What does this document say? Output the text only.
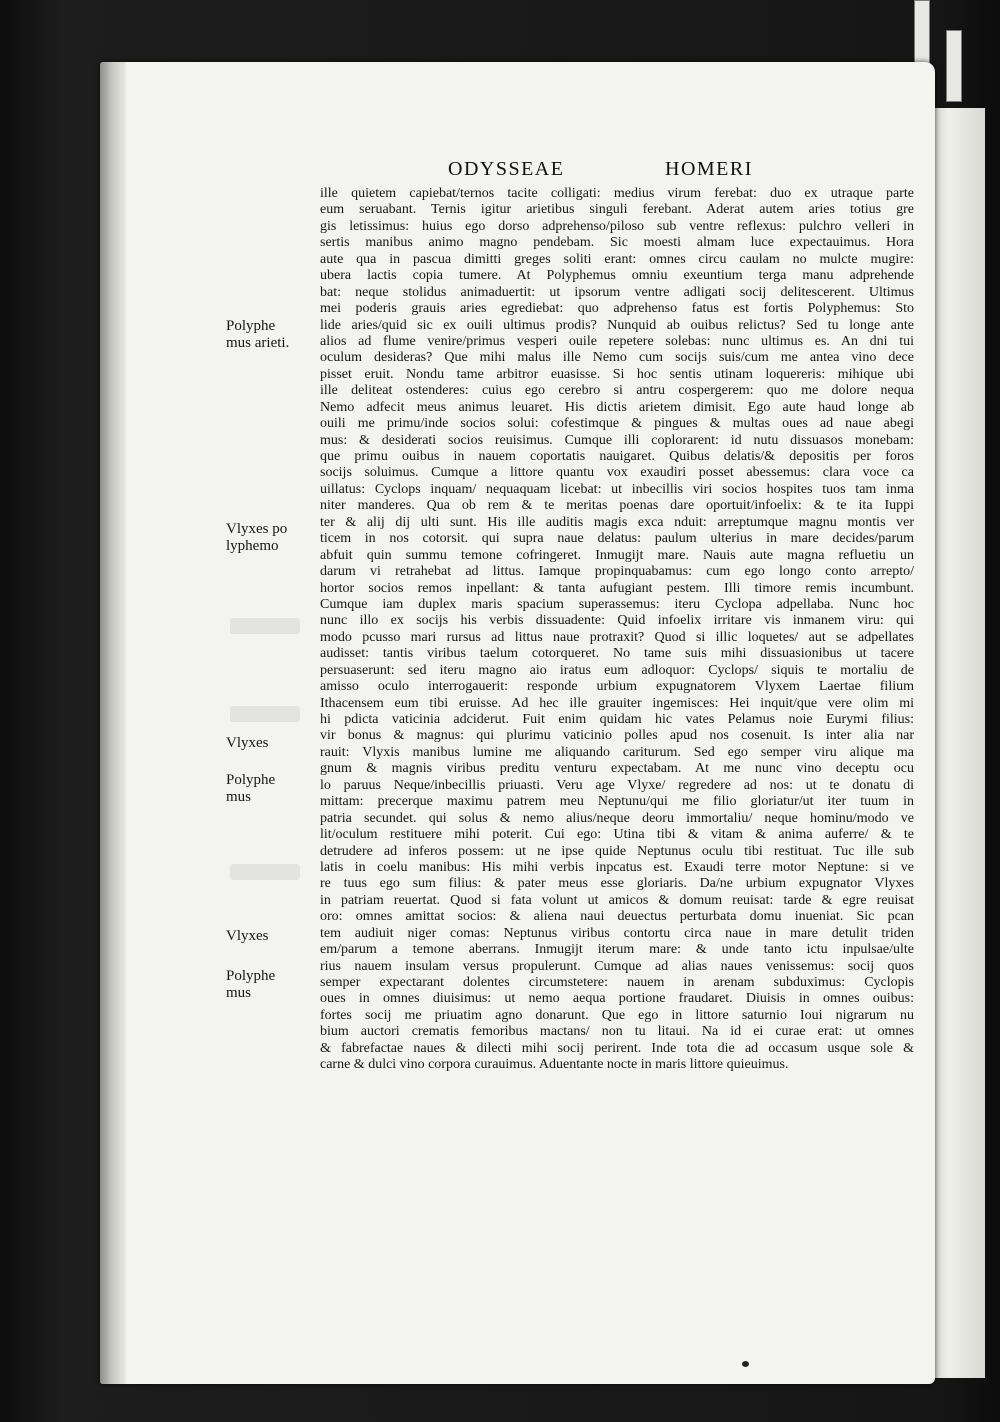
ODYSSEAE	HOMERI
ille quietem capiebat/ternos tacite colligati: medius virum ferebat: duo ex utraque parte
eum seruabant. Ternis igitur arietibus singuli ferebant. Aderat autem aries totius gre
gis letissimus: huius ego dorso adprehenso/piloso sub ventre reflexus: pulchro velleri in
sertis manibus animo magno pendebam. Sic moesti almam luce expectauimus. Hora
aute qua in pascua dimitti greges soliti erant: omnes circu caulam no mulcte mugire:
ubera lactis copia tumere. At Polyphemus omniu exeuntium terga manu adprehende
bat: neque stolidus animaduertit: ut ipsorum ventre adligati socij delitescerent. Ultimus
mei poderis grauis aries egrediebat: quo adprehenso fatus est fortis Polyphemus: Sto
lide aries/quid sic ex ouili ultimus prodis? Nunquid ab ouibus relictus? Sed tu longe ante
alios ad flume venire/primus vesperi ouile repetere solebas: nunc ultimus es. An dni tui
oculum desideras? Que mihi malus ille Nemo cum socijs suis/cum me antea vino dece
pisset eruit. Nondu tame arbitror euasisse. Si hoc sentis utinam loquereris: mihique ubi
ille deliteat ostenderes: cuius ego cerebro si antru cospergerem: quo me dolore nequa
Nemo adfecit meus animus leuaret. His dictis arietem dimisit. Ego aute haud longe ab
ouili me primu/inde socios solui: cofestimque & pingues & multas oues ad naue abegi
mus: & desiderati socios reuisimus. Cumque illi coplorarent: id nutu dissuasos monebam:
que primu ouibus in nauem coportatis nauigaret. Quibus delatis/& depositis per foros
socijs soluimus. Cumque a littore quantu vox exaudiri posset abessemus: clara voce ca
uillatus: Cyclops inquam/ nequaquam licebat: ut inbecillis viri socios hospites tuos tam inma
niter manderes. Qua ob rem & te meritas poenas dare oportuit/infoelix: & te ita Iuppi
ter & alij dij ulti sunt. His ille auditis magis exca nduit: arreptumque magnu montis ver
ticem in nos cotorsit. qui supra naue delatus: paulum ulterius in mare decides/parum
abfuit quin summu temone cofringeret. Inmugijt mare. Nauis aute magna refluetiu un
darum vi retrahebat ad littus. Iamque propinquabamus: cum ego longo conto arrepto/
hortor socios remos inpellant: & tanta aufugiant pestem. Illi timore remis incumbunt.
Cumque iam duplex maris spacium superassemus: iteru Cyclopa adpellaba. Nunc hoc
nunc illo ex socijs his verbis dissuadente: Quid infoelix irritare vis inmanem viru: qui
modo pcusso mari rursus ad littus naue protraxit? Quod si illic loquetes/ aut se adpellates
audisset: tantis viribus taelum cotorqueret. No tame suis mihi dissuasionibus ut tacere
persuaserunt: sed iteru magno aio iratus eum adloquor: Cyclops/ siquis te mortaliu de
amisso oculo interrogauerit: responde urbium expugnatorem Vlyxem Laertae filium
Ithacensem eum tibi eruisse. Ad hec ille grauiter ingemisces: Hei inquit/que vere olim mi
hi pdicta vaticinia adciderut. Fuit enim quidam hic vates Pelamus noie Eurymi filius:
vir bonus & magnus: qui plurimu vaticinio polles apud nos cosenuit. Is inter alia nar
rauit: Vlyxis manibus lumine me aliquando cariturum. Sed ego semper viru alique ma
gnum & magnis viribus preditu venturu expectabam. At me nunc vino deceptu ocu
lo paruus Neque/inbecillis priuasti. Veru age Vlyxe/ regredere ad nos: ut te donatu di
mittam: precerque maximu patrem meu Neptunu/qui me filio gloriatur/ut iter tuum in
patria secundet. qui solus & nemo alius/neque deoru immortaliu/ neque hominu/modo ve
lit/oculum restituere mihi poterit. Cui ego: Utina tibi & vitam & anima auferre/ & te
detrudere ad inferos possem: ut ne ipse quide Neptunus oculu tibi restituat. Tuc ille sub
latis in coelu manibus: His mihi verbis inpcatus est. Exaudi terre motor Neptune: si ve
re tuus ego sum filius: & pater meus esse gloriaris. Da/ne urbium expugnator Vlyxes
in patriam reuertat. Quod si fata volunt ut amicos & domum reuisat: tarde & egre reuisat
oro: omnes amittat socios: & aliena naui deuectus perturbata domu inueniat. Sic pcan
tem audiuit niger comas: Neptunus viribus contortu circa naue in mare detulit triden
em/parum a temone aberrans. Inmugijt iterum mare: & unde tanto ictu inpulsae/ulte
rius nauem insulam versus propulerunt. Cumque ad alias naues venissemus: socij quos
semper expectarant dolentes circumstetere: nauem in arenam subduximus: Cyclopis
oues in omnes diuisimus: ut nemo aequa portione fraudaret. Diuisis in omnes ouibus:
fortes socij me priuatim agno donarunt. Que ego in littore saturnio Ioui nigrarum nu
bium auctori crematis femoribus mactans/ non tu litaui. Na id ei curae erat: ut omnes
& fabrefactae naues & dilecti mihi socij perirent. Inde tota die ad occasum usque sole &
carne & dulci vino corpora curauimus. Aduentante nocte in maris littore quieuimus.
Polyphe
mus arieti.
Vlyxes po
lyphemo
Vlyxes
Polyphe
mus
Vlyxes
Polyphe
mus
